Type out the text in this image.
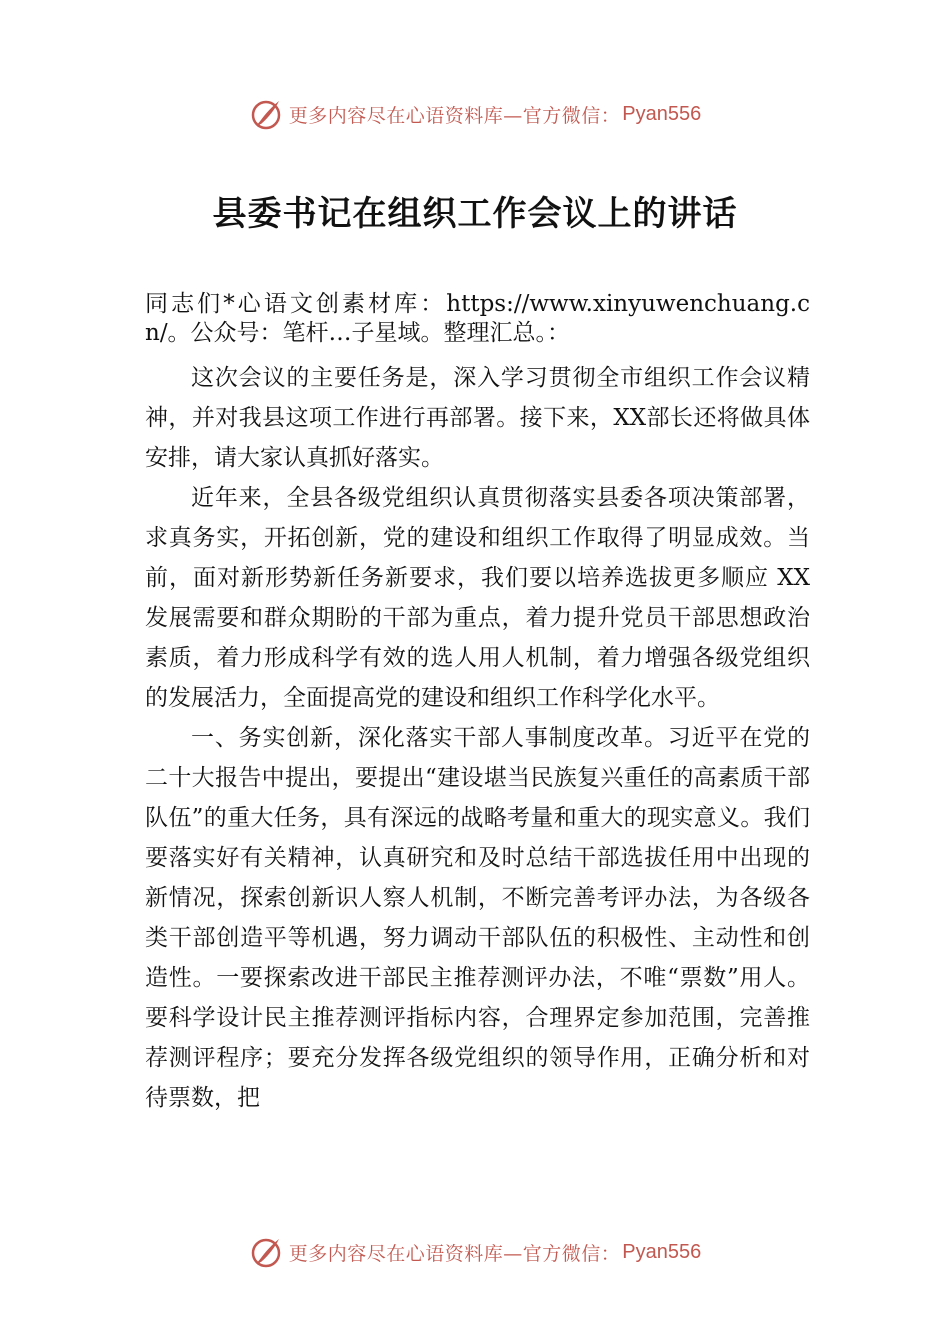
更多内容尽在心语资料库—官方微信： Pyan556
县委书记在组织工作会议上的讲话

同志们*心语文创素材库：https://www.xinyuwenchuang.cn/。公众号：笔杆…子星域。整理汇总。：

这次会议的主要任务是，深入学习贯彻全市组织工作会议精神，并对我县这项工作进行再部署。接下来，XX部长还将做具体安排，请大家认真抓好落实。

近年来，全县各级党组织认真贯彻落实县委各项决策部署，求真务实，开拓创新，党的建设和组织工作取得了明显成效。当前，面对新形势新任务新要求，我们要以培养选拔更多顺应 XX 发展需要和群众期盼的干部为重点，着力提升党员干部思想政治素质，着力形成科学有效的选人用人机制，着力增强各级党组织的发展活力，全面提高党的建设和组织工作科学化水平。

一、务实创新，深化落实干部人事制度改革。习近平在党的二十大报告中提出，要提出“建设堪当民族复兴重任的高素质干部队伍”的重大任务，具有深远的战略考量和重大的现实意义。我们要落实好有关精神，认真研究和及时总结干部选拔任用中出现的新情况，探索创新识人察人机制，不断完善考评办法，为各级各类干部创造平等机遇，努力调动干部队伍的积极性、主动性和创造性。一要探索改进干部民主推荐测评办法，不唯“票数”用人。要科学设计民主推荐测评指标内容，合理界定参加范围，完善推荐测评程序；要充分发挥各级党组织的领导作用，正确分析和对待票数，把

更多内容尽在心语资料库—官方微信： Pyan556
